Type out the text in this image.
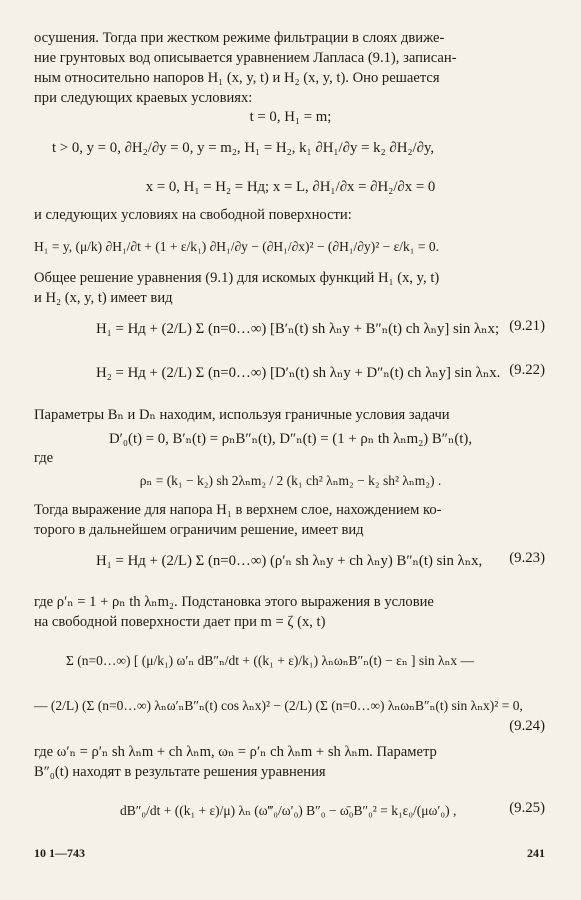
осушения. Тогда при жестком режиме фильтрации в слоях движе-
ние грунтовых вод описывается уравнением Лапласа (9.1), записан-
ным относительно напоров H₁ (x, y, t) и H₂ (x, y, t). Оно решается
при следующих краевых условиях:
t = 0, H₁ = m;
t > 0, y = 0, ∂H₂/∂y = 0, y = m₂, H₁ = H₂, k₁ ∂H₁/∂y = k₂ ∂H₂/∂y,
x = 0, H₁ = H₂ = Hд; x = L, ∂H₁/∂x = ∂H₂/∂x = 0
и следующих условиях на свободной поверхности:
H₁ = y, (μ/k) ∂H₁/∂t + (1 + ε/k₁) ∂H₁/∂y − (∂H₁/∂x)² − (∂H₁/∂y)² − ε/k₁ = 0.
Общее решение уравнения (9.1) для искомых функций H₁ (x, y, t)
и H₂ (x, y, t) имеет вид
H₁ = Hд + (2/L) Σ (n=0…∞) [B′ₙ(t) sh λₙy + B″ₙ(t) ch λₙy] sin λₙx; (9.21)
H₂ = Hд + (2/L) Σ (n=0…∞) [D′ₙ(t) sh λₙy + D″ₙ(t) ch λₙy] sin λₙx. (9.22)
Параметры Bₙ и Dₙ находим, используя граничные условия задачи
D′₀(t) = 0, B′ₙ(t) = ρₙB″ₙ(t), D″ₙ(t) = (1 + ρₙ th λₙm₂) B″ₙ(t),
где
ρₙ = (k₁ − k₂) sh 2λₙm₂ / 2 (k₁ ch² λₙm₂ − k₂ sh² λₙm₂) .
Тогда выражение для напора H₁ в верхнем слое, нахождением ко-
торого в дальнейшем ограничим решение, имеет вид
H₁ = Hд + (2/L) Σ (n=0…∞) (ρ′ₙ sh λₙy + ch λₙy) B″ₙ(t) sin λₙx, (9.23)
где ρ′ₙ = 1 + ρₙ th λₙm₂. Подстановка этого выражения в условие
на свободной поверхности дает при m = ζ (x, t)
Σ (n=0…∞) [ (μ/k₁) ω′ₙ dB″ₙ/dt + ((k₁ + ε)/k₁) λₙωₙB″ₙ(t) − εₙ ] sin λₙx —
— (2/L) (Σ (n=0…∞) λₙω′ₙB″ₙ(t) cos λₙx)² − (2/L) (Σ (n=0…∞) λₙωₙB″ₙ(t) sin λₙx)² = 0,
(9.24)
где ω′ₙ = ρ′ₙ sh λₙm + ch λₙm, ωₙ = ρ′ₙ ch λₙm + sh λₙm. Параметр
B″₀(t) находят в результате решения уравнения
dB″₀/dt + ((k₁ + ε)/μ) λₙ (ω‴₀/ω′₀) B″₀ − ω̄₀B″₀² = k₁ε₀/(μω′₀) ,	(9.25)
10 1—743	241
